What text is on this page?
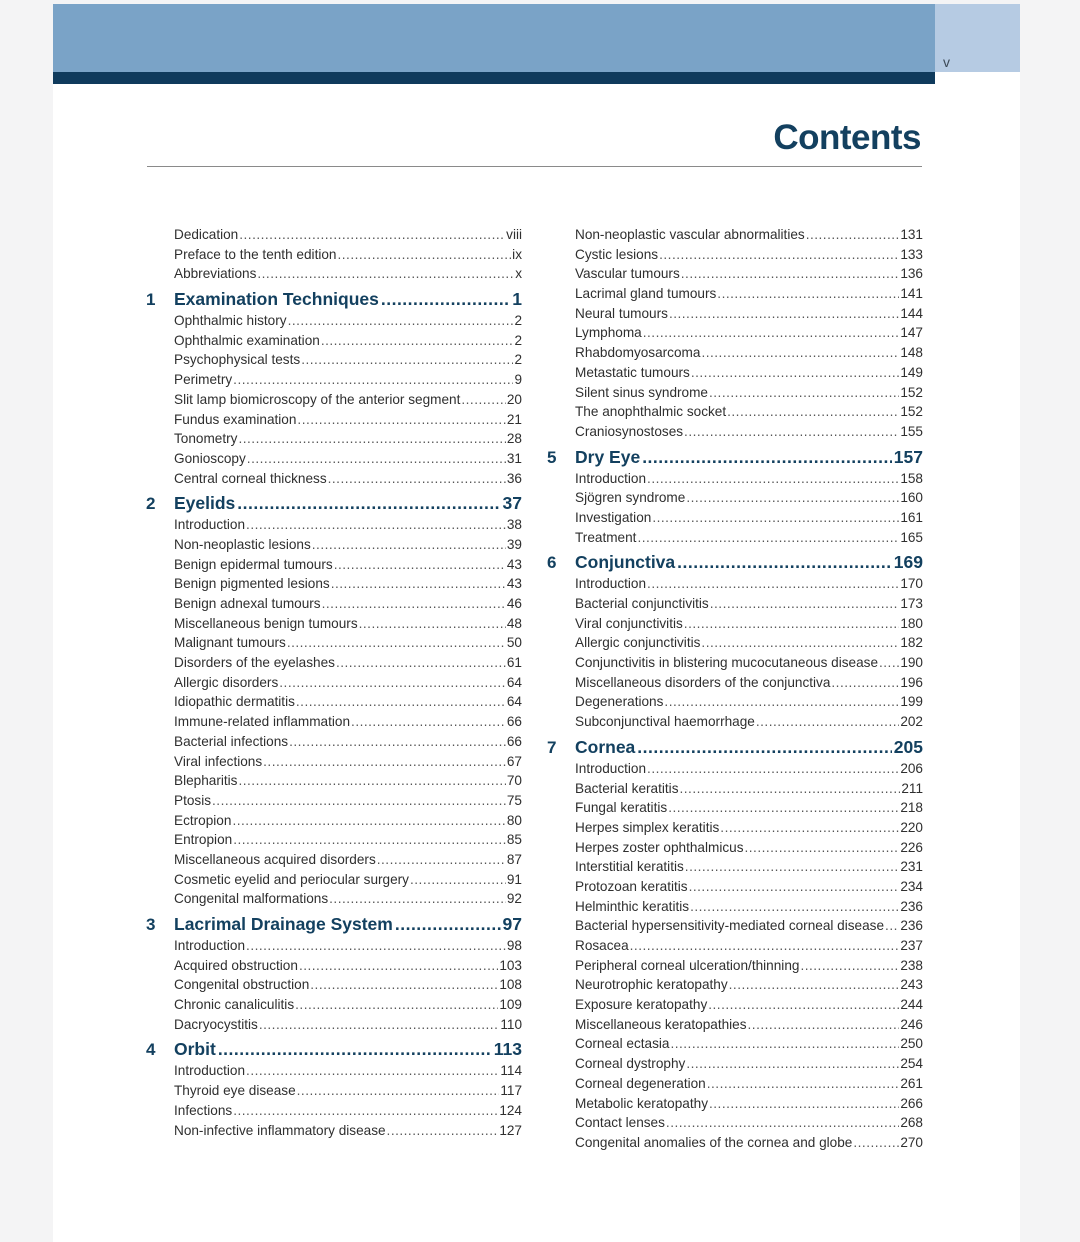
v
Contents
Dedication .....	viii
Preface to the tenth edition .....	ix
Abbreviations .....	x
1	Examination Techniques .....	1
Ophthalmic history .....	2
Ophthalmic examination .....	2
Psychophysical tests .....	2
Perimetry .....	9
Slit lamp biomicroscopy of the anterior segment .....	20
Fundus examination .....	21
Tonometry .....	28
Gonioscopy .....	31
Central corneal thickness .....	36
2	Eyelids .....	37
Introduction .....	38
Non-neoplastic lesions .....	39
Benign epidermal tumours .....	43
Benign pigmented lesions .....	43
Benign adnexal tumours .....	46
Miscellaneous benign tumours .....	48
Malignant tumours .....	50
Disorders of the eyelashes .....	61
Allergic disorders .....	64
Idiopathic dermatitis .....	64
Immune-related inflammation .....	66
Bacterial infections .....	66
Viral infections .....	67
Blepharitis .....	70
Ptosis .....	75
Ectropion .....	80
Entropion .....	85
Miscellaneous acquired disorders .....	87
Cosmetic eyelid and periocular surgery .....	91
Congenital malformations .....	92
3	Lacrimal Drainage System .....	97
Introduction .....	98
Acquired obstruction .....	103
Congenital obstruction .....	108
Chronic canaliculitis .....	109
Dacryocystitis .....	110
4	Orbit .....	113
Introduction .....	114
Thyroid eye disease .....	117
Infections .....	124
Non-infective inflammatory disease .....	127
Non-neoplastic vascular abnormalities .....	131
Cystic lesions .....	133
Vascular tumours .....	136
Lacrimal gland tumours .....	141
Neural tumours .....	144
Lymphoma .....	147
Rhabdomyosarcoma .....	148
Metastatic tumours .....	149
Silent sinus syndrome .....	152
The anophthalmic socket .....	152
Craniosynostoses .....	155
5	Dry Eye .....	157
Introduction .....	158
Sjögren syndrome .....	160
Investigation .....	161
Treatment .....	165
6	Conjunctiva .....	169
Introduction .....	170
Bacterial conjunctivitis .....	173
Viral conjunctivitis .....	180
Allergic conjunctivitis .....	182
Conjunctivitis in blistering mucocutaneous disease ..... 190
Miscellaneous disorders of the conjunctiva .....	196
Degenerations .....	199
Subconjunctival haemorrhage .....	202
7	Cornea .....	205
Introduction .....	206
Bacterial keratitis .....	211
Fungal keratitis .....	218
Herpes simplex keratitis .....	220
Herpes zoster ophthalmicus .....	226
Interstitial keratitis .....	231
Protozoan keratitis .....	234
Helminthic keratitis .....	236
Bacterial hypersensitivity-mediated corneal disease ..... 236
Rosacea .....	237
Peripheral corneal ulceration/thinning .....	238
Neurotrophic keratopathy .....	243
Exposure keratopathy .....	244
Miscellaneous keratopathies .....	246
Corneal ectasia .....	250
Corneal dystrophy .....	254
Corneal degeneration .....	261
Metabolic keratopathy .....	266
Contact lenses .....	268
Congenital anomalies of the cornea and globe .....	270
